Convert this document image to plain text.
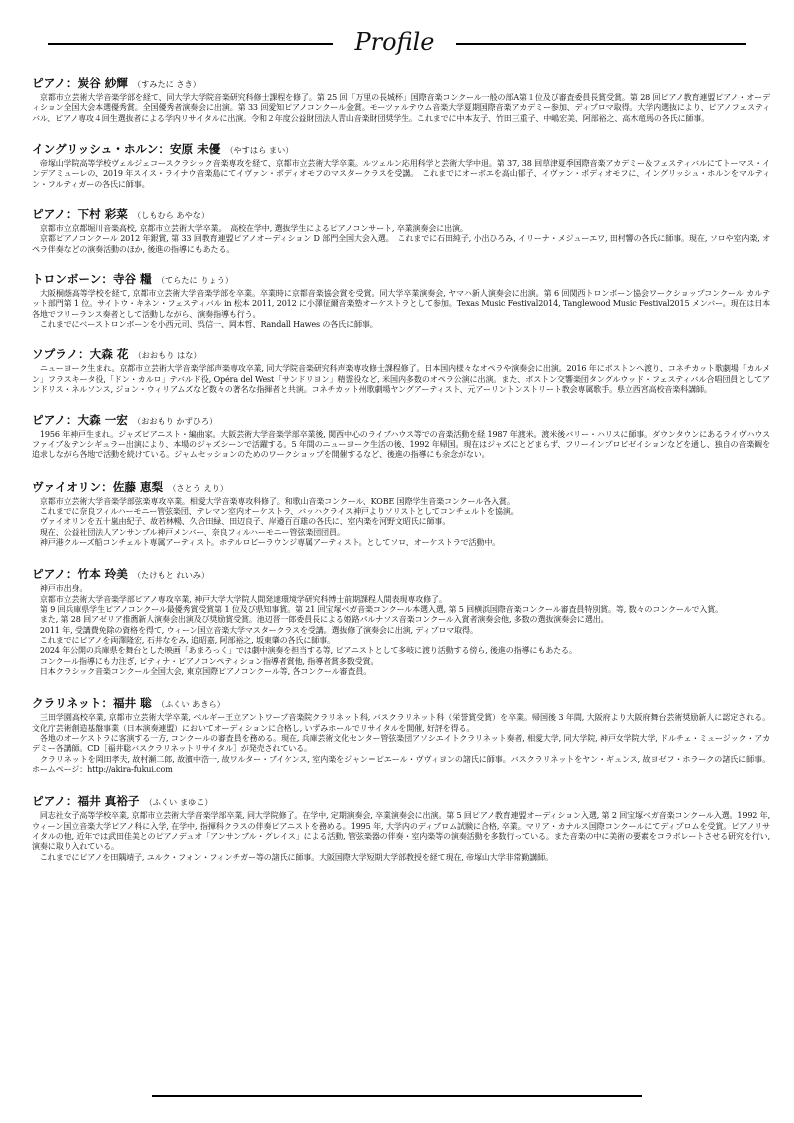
Profile
ピアノ：炭谷 紗輝 （すみたに さき）

　京都市立芸術大学音楽学部を経て、同大学大学院音楽研究科修士課程を修了。第 25 回「万里の長城杯」国際音楽コンクール一般の部A第１位及び審査委員長賞受賞。第 28 回ピアノ教育連盟ピアノ・オーディション全国大会本選優秀賞。全国優秀者演奏会に出演。第 33 回愛知ピアノコンクール金賞。モーツァルテウム音楽大学夏期国際音楽アカデミー参加、ディプロマ取得。大学内選抜により、ピアノフェスティバル、ピアノ専攻４回生選抜者による学内リサイタルに出演。令和２年度公益財団法人青山音楽財団奨学生。これまでに中本友子、竹田三重子、中嶋宏美、阿部裕之、高木竜馬の各氏に師事。

イングリッシュ・ホルン：安原 未優 （やすはら まい）

　帝塚山学院高等学校ヴェルジェコースクラシック音楽専攻を経て、京都市立芸術大学卒業。ルツェルン応用科学と芸術大学中退。第 37, 38 回草津夏季国際音楽アカデミー＆フェスティバルにてトーマス・インデアミューレの、2019 年スイス・ライナウ音楽島にてイヴァン・ポディオモフのマスタークラスを受講。　これまでにオーボエを高山郁子、イヴァン・ポディオモフに、イングリッシュ・ホルンをマルティン・フルティガーの各氏に師事。

ピアノ：下村 彩菜 （しもむら あやな）

　京都市立京都堀川音楽高校, 京都市立芸術大学卒業。　高校在学中, 選抜学生によるピアノコンサート, 卒業演奏会に出演。

　京都ピアノコンクール 2012 年銀賞, 第 33 回教育連盟ピアノオーディション D 部門全国大会入選。　これまでに石田純子, 小出ひろみ, イリーナ・メジューエワ, 田村響の各氏に師事。現在, ソロや室内楽, オペラ伴奏などの演奏活動のほか, 後進の指導にもあたる。

トロンボーン：寺谷 糧 （てらたに りょう）

　大阪桐蔭高等学校を経て, 京都市立芸術大学音楽学部を卒業。卒業時に京都音楽協会賞を受賞。同大学卒業演奏会, ヤマハ新人演奏会に出演。第 6 回関西トロンボーン協会ワークショップコンクール カルテット部門第 1 位。サイトウ・キネン・フェスティバル in 松本 2011, 2012 に小澤征爾音楽塾オーケストラとして参加。Texas Music Festival2014, Tanglewood Music Festival2015 メンバー。現在は日本各地でフリーランス奏者として活動しながら、演奏指導も行う。

　これまでにベーストロンボーンを小西元司、呉信一、岡本哲、Randall Hawes の各氏に師事。

ソプラノ：大森 花 （おおもり はな）

　ニューヨーク生まれ。京都市立芸術大学音楽学部声楽専攻卒業, 同大学院音楽研究科声楽専攻修士課程修了。日本国内様々なオペラや演奏会に出演。2016 年にボストンへ渡り、コネチカット歌劇場「カルメン」フラスキータ役,「ドン・カルロ」テバルド役, Opéra del West「サンドリヨン」精霊役など, 米国内多数のオペラ公演に出演。また、ボストン交響楽団タングルウッド・フェスティバル合唱団員としてアンドリス・ネルソンス, ジョン・ウィリアムズなど数々の著名な指揮者と共演。コネチカット州歌劇場ヤングアーティスト、元アーリントンストリート教会専属歌手。県立西宮高校音楽科講師。

ピアノ：大森 一宏 （おおもり かずひろ）

　1956 年神戸生まれ。ジャズピアニスト・編曲家。大阪芸術大学音楽学部卒業後, 関西中心のライブハウス等での音楽活動を経 1987 年渡米。渡米後バリー・ハリスに師事。ダウンタウンにあるライヴハウスファイブ＆テンシギュラー出演により、本場のジャズシーンで活躍する。5 年間のニューヨーク生活の後、1992 年帰国。現在はジャズにとどまらず、フリーインプロビゼイションなどを通し、独自の音楽観を追求しながら各地で活動を続けている。ジャムセッションのためのワークショップを開催するなど、後進の指導にも余念がない。

ヴァイオリン：佐藤 恵梨 （さとう えり）

　京都市立芸術大学音楽学部弦楽専攻卒業。相愛大学音楽専攻科修了。和歌山音楽コンクール、KOBE 国際学生音楽コンクール各入賞。

　これまでに奈良フィルハーモニー管弦楽団、テレマン室内オーケストラ、バッハクライス神戸よりソリストとしてコンチェルトを協演。

　ヴァイオリンを五十嵐由紀子、故若林暢、久合田緑、田辺良子、岸邉百百雄の各氏に、室内楽を河野文昭氏に師事。

　現在、公益社団法人アンサンブル神戸メンバー、奈良フィルハーモニー管弦楽団団員。

　神戸港クルーズ船コンチェルト専属アーティスト。ホテルロビーラウンジ専属アーティスト。としてソロ、オーケストラで活動中。

ピアノ：竹本 玲美 （たけもと れいみ）

　神戸市出身。

　京都市立芸術大学音楽学部ピアノ専攻卒業, 神戸大学大学院人間発達環境学研究科博士前期課程人間表現専攻修了。

　第 9 回兵庫県学生ピアノコンクール最優秀賞受賞第 1 位及び県知事賞。第 21 回宝塚ベガ音楽コンクール本選入選, 第 5 回横浜国際音楽コンクール審査員特別賞。等, 数々のコンクールで入賞。

　また, 第 28 回アゼリア推薦新人演奏会出演及び奨励賞受賞。池辺晋一郎委員長による姫路パルナソス音楽コンクール入賞者演奏会他, 多数の選抜演奏会に選出。

　2011 年, 受講費免除の資格を得て, ウィーン国立音楽大学マスタークラスを受講。選抜修了演奏会に出演, ディプロマ取得。

　これまでにピアノを両澤隆宏, 石井なをみ, 追昭嘉, 阿部裕之, 坂東肇の各氏に師事。

　2024 年公開の兵庫県を舞台とした映画「あまろっく」では劇中演奏を担当する等, ピアニストとして多岐に渡り活動する傍ら, 後進の指導にもあたる。

　コンクール指導にも力注ぎ, ピティナ・ピアノコンペティション指導者賞他, 指導者賞多数受賞。

　日本クラシック音楽コンクール全国大会, 東京国際ピアノコンクール等, 各コンクール審査員。

クラリネット：福井 聡 （ふくい あきら）

　三田学園高校卒業, 京都市立芸術大学卒業, ベルギー王立アントワープ音楽院クラリネット科, バスクラリネット科（栄誉賞受賞）を卒業。帰国後 3 年間, 大阪府より大阪府舞台芸術奨励新人に認定される。文化庁芸術創造基盤事業（日本演奏連盟）においてオーディションに合格し, いずみホールでリサイタルを開催, 好評を得る。

　各地のオーケストラに客演する一方, コンクールの審査員を務める。現在, 兵庫芸術文化センター管弦楽団アソシエイトクラリネット奏者, 相愛大学, 同大学院, 神戸女学院大学, ドルチェ・ミュージック・アカデミー各講師。CD［福井聡バスクラリネットリサイタル］が発売されている。

　クラリネットを岡田孝夫, 故村瀬二郎, 故濱中浩一, 故ワルター・ブイケンス, 室内楽をジャン＝ピエール・ヴヴィヨンの諸氏に師事。バスクラリネットをヤン・ギュンス, 故ヨゼフ・ホラークの諸氏に師事。ホームページ：http://akira-fukui.com

ピアノ：福井 真裕子 （ふくい まゆこ）

　同志社女子高等学校卒業, 京都市立芸術大学音楽学部卒業, 同大学院修了。在学中, 定期演奏会, 卒業演奏会に出演。第 5 回ピアノ教育連盟オーディション入選, 第 2 回宝塚ベガ音楽コンクール入選。1992 年, ウィーン国立音楽大学ピアノ科に入学, 在学中, 指揮科クラスの伴奏ピアニストを務める。1995 年, 大学内のディプロム試験に合格, 卒業。マリア・カナルス国際コンクールにてディプロムを受賞。ピアノリサイタルの他, 近年では武田佳美とのピアノデュオ「アンサンブル・グレイス」による活動, 管弦楽器の伴奏・室内楽等の演奏活動を多数行っている。また音楽の中に美術の要素をコラボレートさせる研究を行い, 演奏に取り入れている。

　これまでにピアノを田隅靖子, ユルク・フォン・フィンチガー等の諸氏に師事。大阪国際大学短期大学部教授を経て現在, 帝塚山大学非常勤講師。
